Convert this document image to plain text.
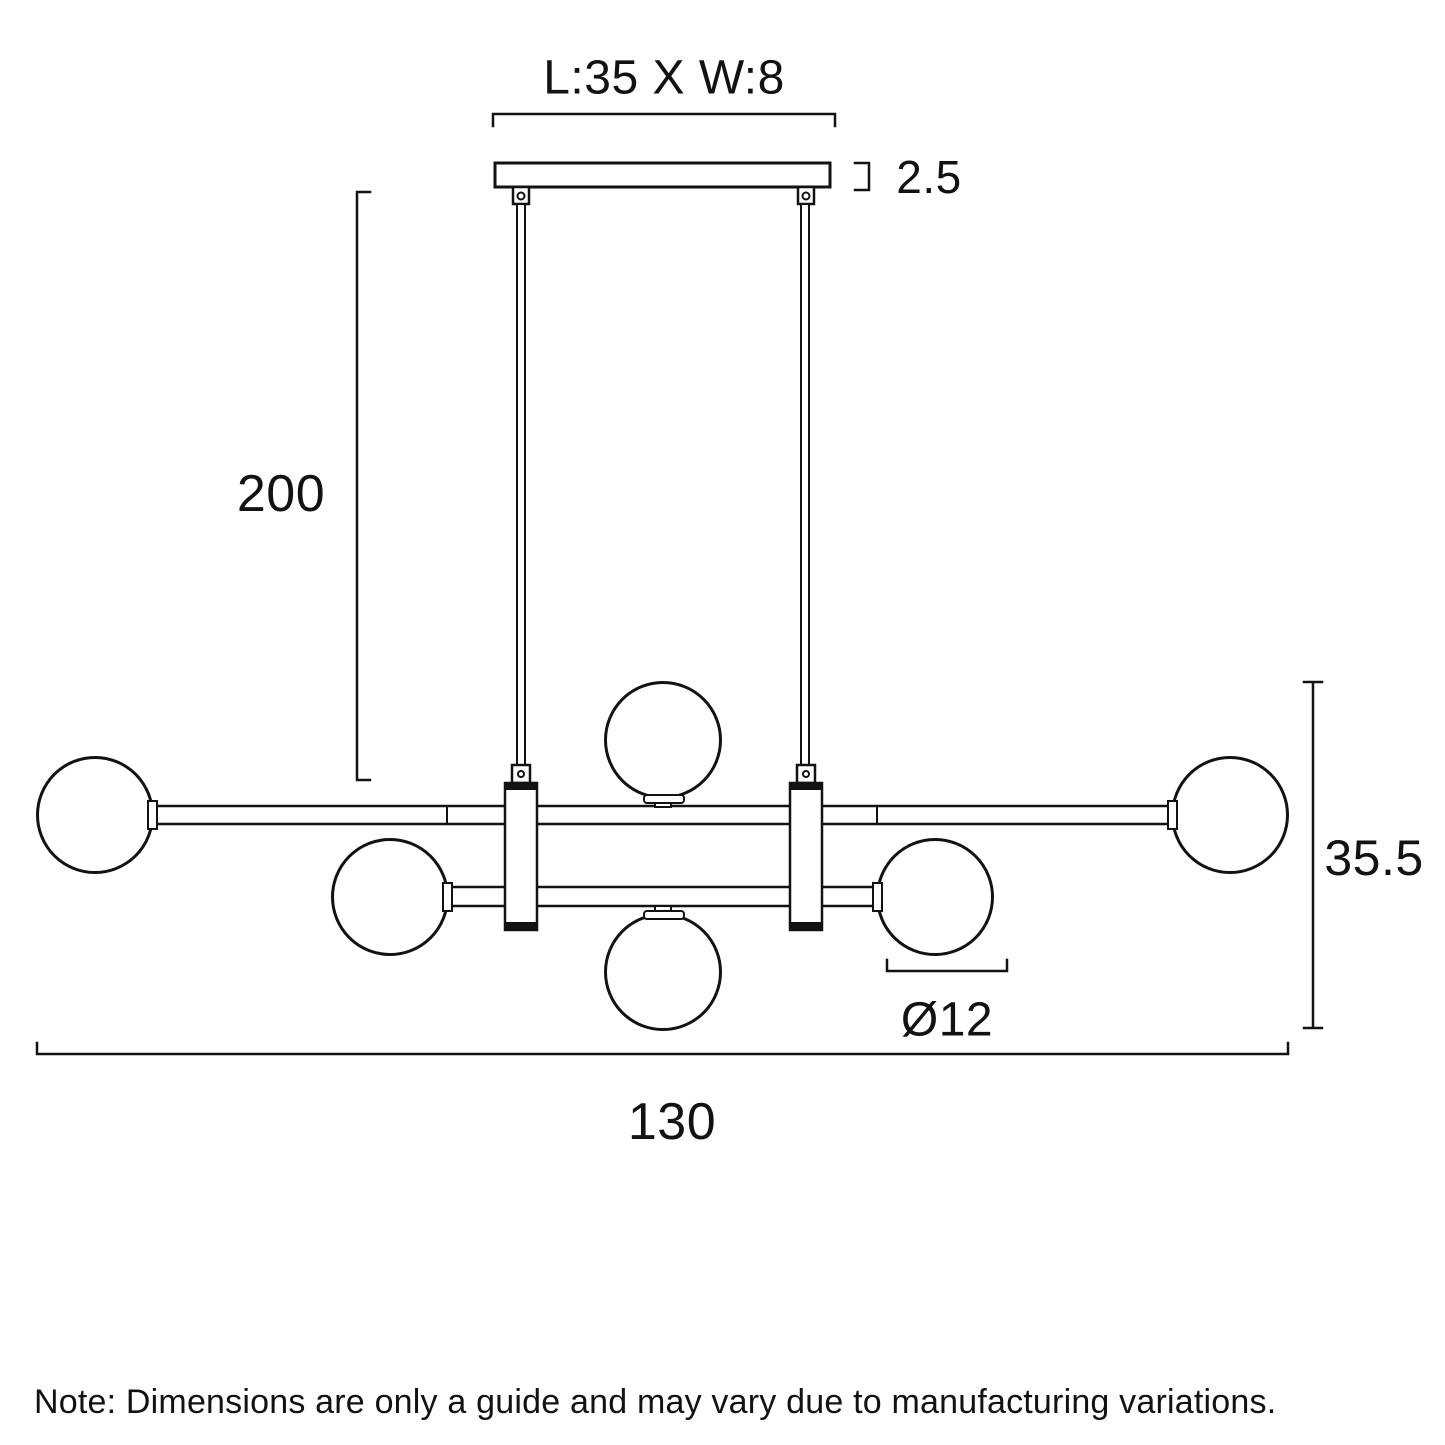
L:35 X W:8
2.5
200
35.5
Ø12
130
Note: Dimensions are only a guide and may vary due to manufacturing variations.
